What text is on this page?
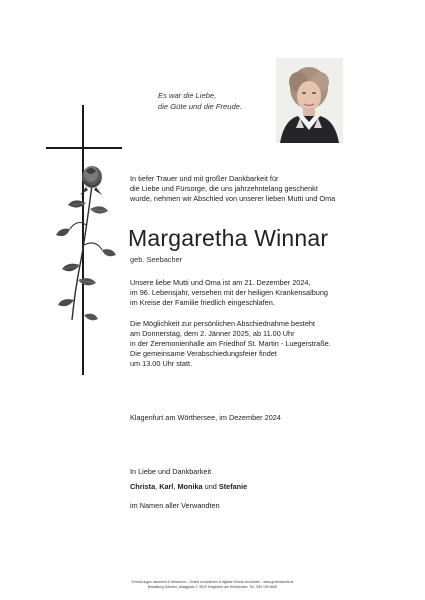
Es war die Liebe,
die Güte und die Freude.
In tiefer Trauer und mit großer Dankbarkeit für
die Liebe und Fürsorge, die uns jahrzehntelang geschenkt
wurde, nehmen wir Abschied von unserer lieben Mutti und Oma
Margaretha Winnar
geb. Seebacher
Unsere liebe Mutti und Oma ist am 21. Dezember 2024,
im 96. Lebensjahr, versehen mit der heiligen Krankensalbung
im Kreise der Familie friedlich eingeschlafen.
Die Möglichkeit zur persönlichen Abschiednahme besteht
am Donnerstag, dem 2. Jänner 2025, ab 11.00 Uhr
in der Zeremonienhalle am Friedhof St. Martin - Luegerstraße.
Die gemeinsame Verabschiedungsfeier findet
um 13.00 Uhr statt.
Klagenfurt am Wörthersee, im Dezember 2024
In Liebe und Dankbarkeit
Christa, Karl, Monika und Stefanie
im Namen aller Verwandten
Erinnerungen sammeln & bewahren – Online kondolieren & digitale Kerzen anzünden - www.gedenkseite.at
Bestattung Kärnten, Waagplatz 2, 9020 Klagenfurt am Wörthersee, Tel.: 050 199 6649
